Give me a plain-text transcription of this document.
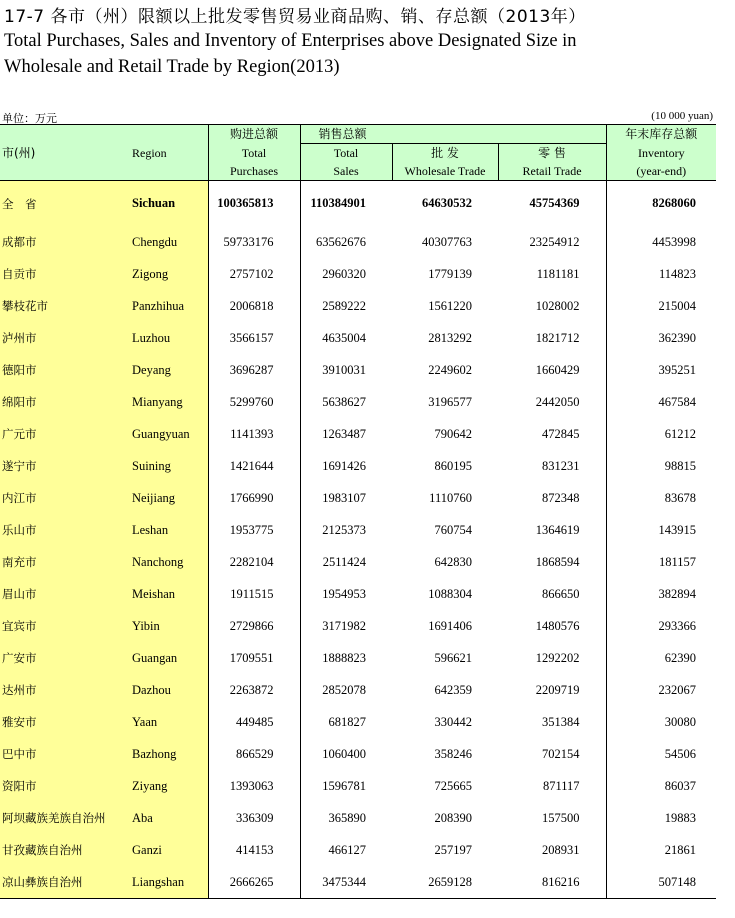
17-7 各市（州）限额以上批发零售贸易业商品购、销、存总额（2013年）
Total Purchases, Sales and Inventory of Enterprises above Designated Size in
Wholesale and Retail Trade by Region(2013)
单位：万元	(10 000 yuan)
市(州)	Region	购进总额	销售总额			年末库存总额
		Total	Total	批 发	零 售	Inventory
		Purchases	Sales	Wholesale Trade	Retail Trade	(year-end)
全　省	Sichuan	100365813	110384901	64630532	45754369	8268060
成都市	Chengdu	59733176	63562676	40307763	23254912	4453998
自贡市	Zigong	2757102	2960320	1779139	1181181	114823
攀枝花市	Panzhihua	2006818	2589222	1561220	1028002	215004
泸州市	Luzhou	3566157	4635004	2813292	1821712	362390
德阳市	Deyang	3696287	3910031	2249602	1660429	395251
绵阳市	Mianyang	5299760	5638627	3196577	2442050	467584
广元市	Guangyuan	1141393	1263487	790642	472845	61212
遂宁市	Suining	1421644	1691426	860195	831231	98815
内江市	Neijiang	1766990	1983107	1110760	872348	83678
乐山市	Leshan	1953775	2125373	760754	1364619	143915
南充市	Nanchong	2282104	2511424	642830	1868594	181157
眉山市	Meishan	1911515	1954953	1088304	866650	382894
宜宾市	Yibin	2729866	3171982	1691406	1480576	293366
广安市	Guangan	1709551	1888823	596621	1292202	62390
达州市	Dazhou	2263872	2852078	642359	2209719	232067
雅安市	Yaan	449485	681827	330442	351384	30080
巴中市	Bazhong	866529	1060400	358246	702154	54506
资阳市	Ziyang	1393063	1596781	725665	871117	86037
阿坝藏族羌族自治州	Aba	336309	365890	208390	157500	19883
甘孜藏族自治州	Ganzi	414153	466127	257197	208931	21861
凉山彝族自治州	Liangshan	2666265	3475344	2659128	816216	507148
